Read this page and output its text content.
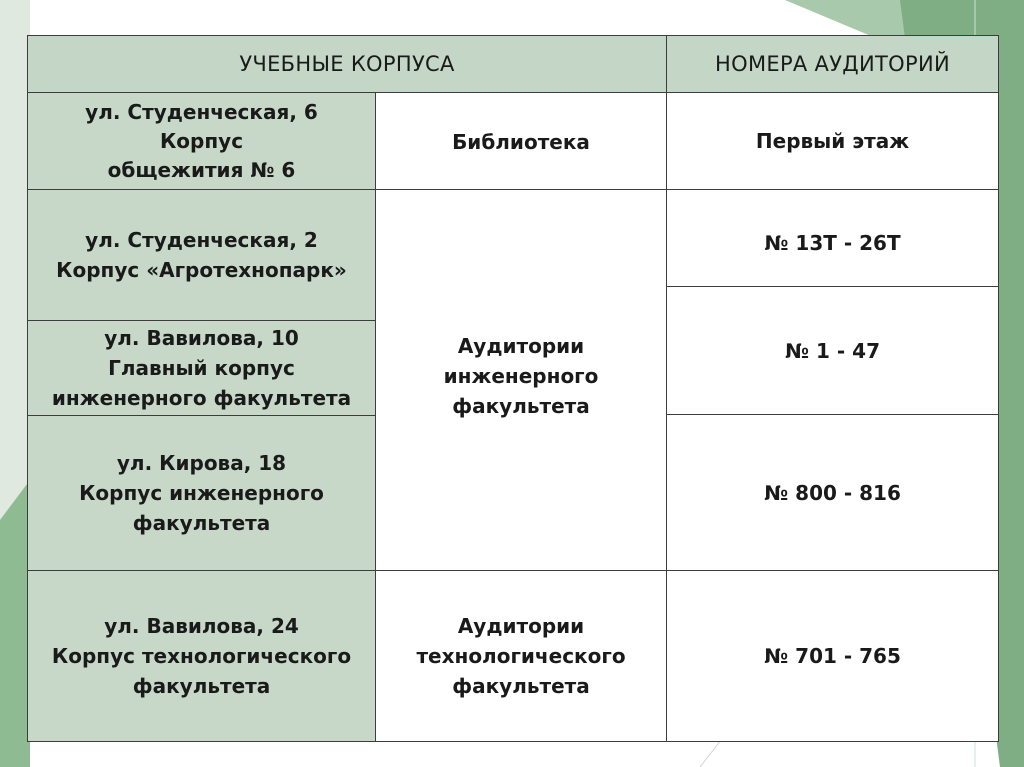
УЧЕБНЫЕ КОРПУСА	НОМЕРА АУДИТОРИЙ
ул. Студенческая, 6
Корпус
общежития № 6
Библиотека	Первый этаж
ул. Студенческая, 2
Корпус «Агротехнопарк»
ул. Вавилова, 10
Главный корпус
инженерного факультета
ул. Кирова, 18
Корпус инженерного
факультета
Аудитории
инженерного
факультета
№ 13Т - 26Т
№ 1 - 47
№ 800 - 816
ул. Вавилова, 24
Корпус технологического
факультета
Аудитории
технологического
факультета
№ 701 - 765
